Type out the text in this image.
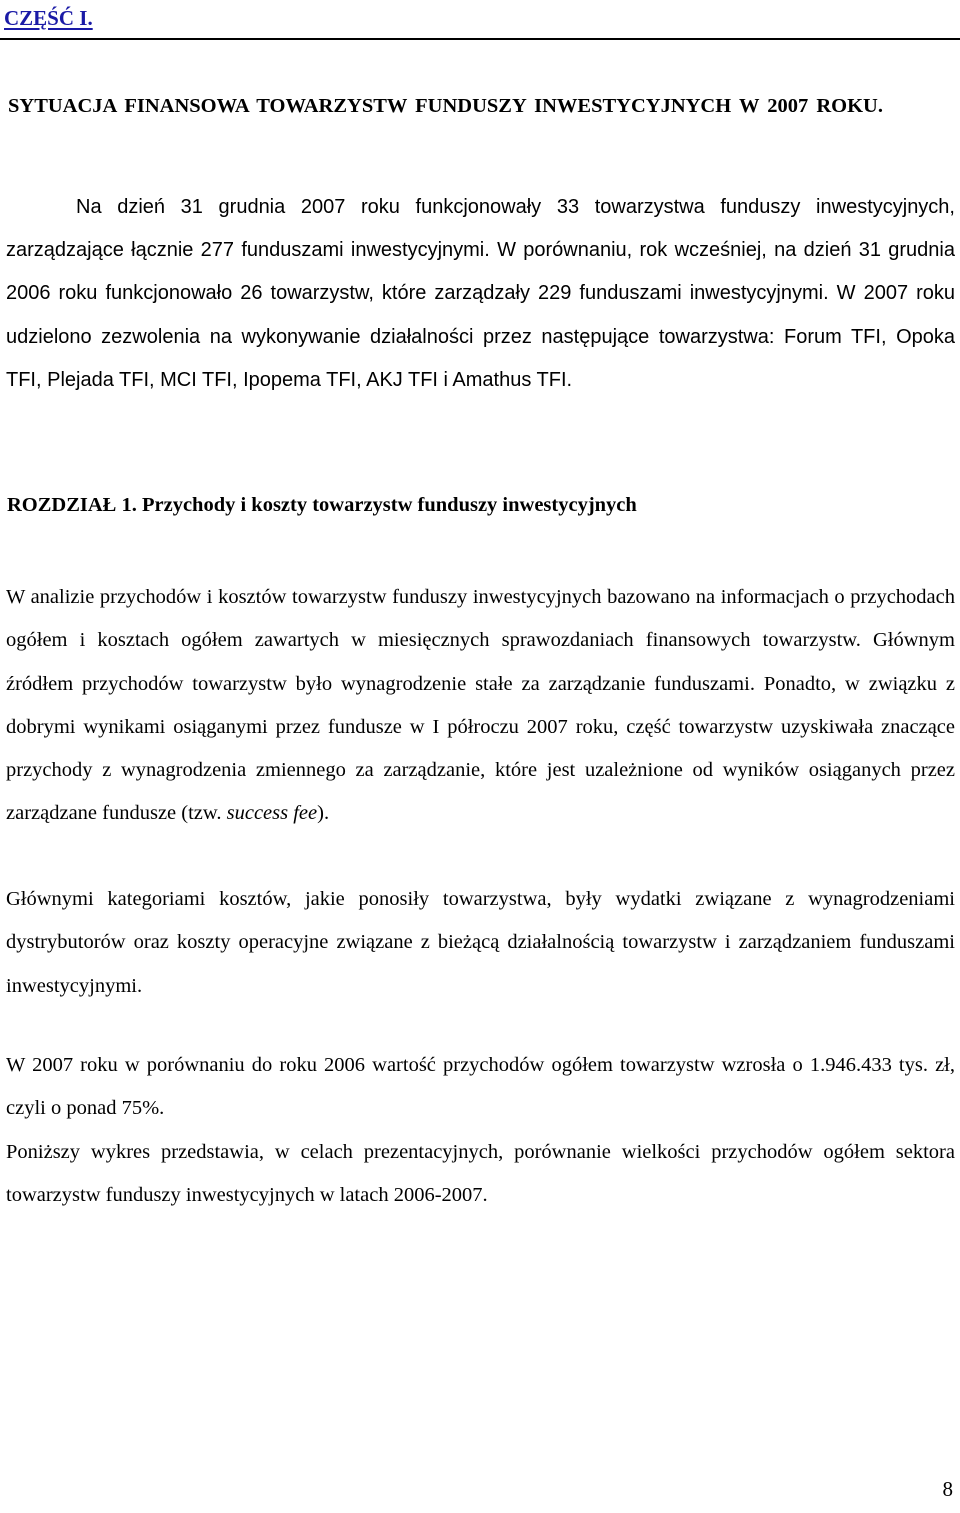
CZĘŚĆ I.
SYTUACJA FINANSOWA TOWARZYSTW FUNDUSZY INWESTYCYJNYCH W 2007 ROKU.

Na dzień 31 grudnia 2007 roku funkcjonowały 33 towarzystwa funduszy inwestycyjnych, zarządzające łącznie 277 funduszami inwestycyjnymi. W porównaniu, rok wcześniej, na dzień 31 grudnia 2006 roku funkcjonowało 26 towarzystw, które zarządzały 229 funduszami inwestycyjnymi. W 2007 roku udzielono zezwolenia na wykonywanie działalności przez następujące towarzystwa: Forum TFI, Opoka TFI, Plejada TFI, MCI TFI, Ipopema TFI, AKJ TFI i Amathus TFI.

ROZDZIAŁ 1. Przychody i koszty towarzystw funduszy inwestycyjnych

W analizie przychodów i kosztów towarzystw funduszy inwestycyjnych bazowano na informacjach o przychodach ogółem i kosztach ogółem zawartych w miesięcznych sprawozdaniach finansowych towarzystw. Głównym źródłem przychodów towarzystw było wynagrodzenie stałe za zarządzanie funduszami. Ponadto, w związku z dobrymi wynikami osiąganymi przez fundusze w I półroczu 2007 roku, część towarzystw uzyskiwała znaczące przychody z wynagrodzenia zmiennego za zarządzanie, które jest uzależnione od wyników osiąganych przez zarządzane fundusze (tzw. success fee).

Głównymi kategoriami kosztów, jakie ponosiły towarzystwa, były wydatki związane z wynagrodzeniami dystrybutorów oraz koszty operacyjne związane z bieżącą działalnością towarzystw i zarządzaniem funduszami inwestycyjnymi.

W 2007 roku w porównaniu do roku 2006 wartość przychodów ogółem towarzystw wzrosła o 1.946.433 tys. zł, czyli o ponad 75%.

Poniższy wykres przedstawia, w celach prezentacyjnych, porównanie wielkości przychodów ogółem sektora towarzystw funduszy inwestycyjnych w latach 2006-2007.

8
